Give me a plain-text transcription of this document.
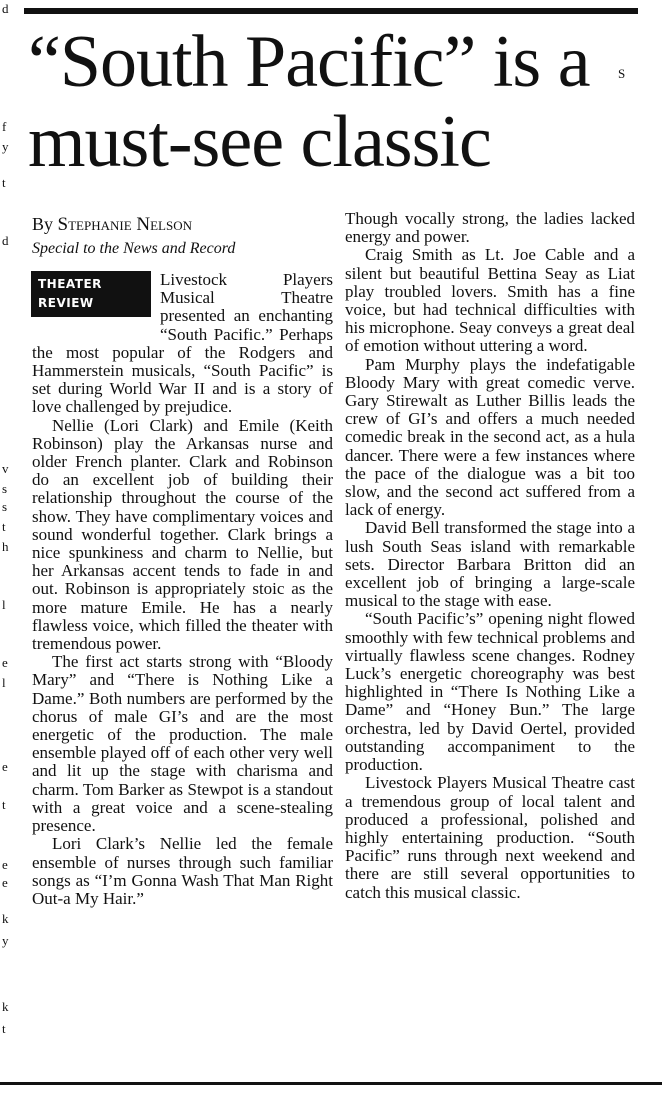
d
f
y
t
d
v
s
s
t
h
l
e
l
e
t
e
e
k
y
k
t
S
“South Pacific” is a must-see classic
By Stephanie Nelson
Special to the News and Record
THEATER
REVIEW

Livestock Players Musical Theatre presented an enchanting “South Pacific.” Perhaps the most popular of the Rodgers and Hammerstein musicals, “South Pacific” is set during World War II and is a story of love challenged by prejudice.

Nellie (Lori Clark) and Emile (Keith Robinson) play the Arkansas nurse and older French planter. Clark and Robinson do an excellent job of building their relationship throughout the course of the show. They have complimentary voices and sound wonderful together. Clark brings a nice spunkiness and charm to Nellie, but her Arkansas accent tends to fade in and out. Robinson is appropriately stoic as the more mature Emile. He has a nearly flawless voice, which filled the theater with tremendous power.

The first act starts strong with “Bloody Mary” and “There is Nothing Like a Dame.” Both numbers are performed by the chorus of male GI’s and are the most energetic of the production. The male ensemble played off of each other very well and lit up the stage with charisma and charm. Tom Barker as Stewpot is a standout with a great voice and a scene-stealing presence.

Lori Clark’s Nellie led the female ensemble of nurses through such familiar songs as “I’m Gonna Wash That Man Right Out-a My Hair.”

Though vocally strong, the ladies lacked energy and power.

Craig Smith as Lt. Joe Cable and a silent but beautiful Bettina Seay as Liat play troubled lovers. Smith has a fine voice, but had technical difficulties with his microphone. Seay conveys a great deal of emotion without uttering a word.

Pam Murphy plays the indefatigable Bloody Mary with great comedic verve. Gary Stirewalt as Luther Billis leads the crew of GI’s and offers a much needed comedic break in the second act, as a hula dancer. There were a few instances where the pace of the dialogue was a bit too slow, and the second act suffered from a lack of energy.

David Bell transformed the stage into a lush South Seas island with remarkable sets. Director Barbara Britton did an excellent job of bringing a large-scale musical to the stage with ease.

“South Pacific’s” opening night flowed smoothly with few technical problems and virtually flawless scene changes. Rodney Luck’s energetic choreography was best highlighted in “There Is Nothing Like a Dame” and “Honey Bun.” The large orchestra, led by David Oertel, provided outstanding accompaniment to the production.

Livestock Players Musical Theatre cast a tremendous group of local talent and produced a professional, polished and highly entertaining production. “South Pacific” runs through next weekend and there are still several opportunities to catch this musical classic.
